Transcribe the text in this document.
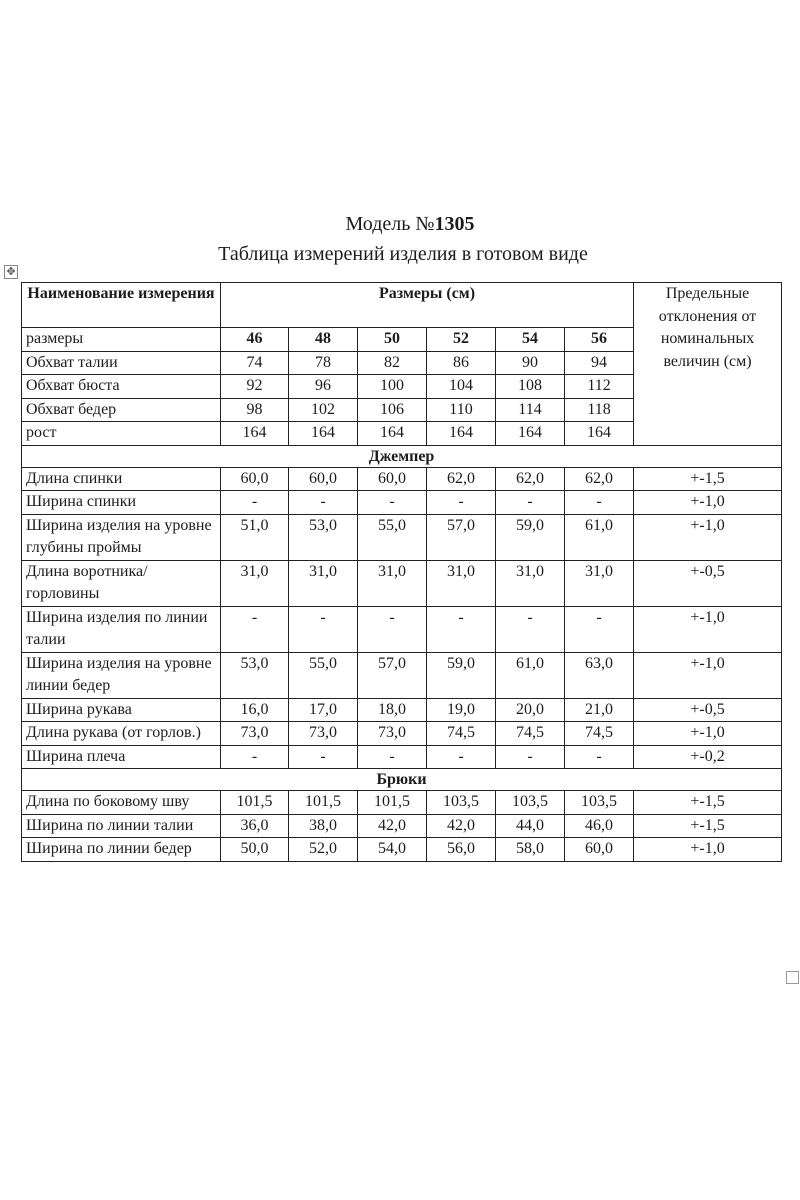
Модель №1305
Таблица измерений изделия в готовом виде
✥
Наименование измерения	Размеры (см)						Предельные отклонения от номинальных величин (см)
размеры	46	48	50	52	54	56	
Обхват талии	74	78	82	86	90	94	
Обхват бюста	92	96	100	104	108	112	
Обхват бедер	98	102	106	110	114	118	
рост	164	164	164	164	164	164	
Джемпер							
Длина спинки	60,0	60,0	60,0	62,0	62,0	62,0	+-1,5
Ширина спинки	-	-	-	-	-	-	+-1,0
Ширина изделия на уровне глубины проймы	51,0	53,0	55,0	57,0	59,0	61,0	+-1,0
Длина воротника/горловины	31,0	31,0	31,0	31,0	31,0	31,0	+-0,5
Ширина изделия по линии талии	-	-	-	-	-	-	+-1,0
Ширина изделия на уровне линии бедер	53,0	55,0	57,0	59,0	61,0	63,0	+-1,0
Ширина рукава	16,0	17,0	18,0	19,0	20,0	21,0	+-0,5
Длина рукава (от горлов.)	73,0	73,0	73,0	74,5	74,5	74,5	+-1,0
Ширина плеча	-	-	-	-	-	-	+-0,2
Брюки							
Длина по боковому шву	101,5	101,5	101,5	103,5	103,5	103,5	+-1,5
Ширина по линии талии	36,0	38,0	42,0	42,0	44,0	46,0	+-1,5
Ширина по линии бедер	50,0	52,0	54,0	56,0	58,0	60,0	+-1,0
